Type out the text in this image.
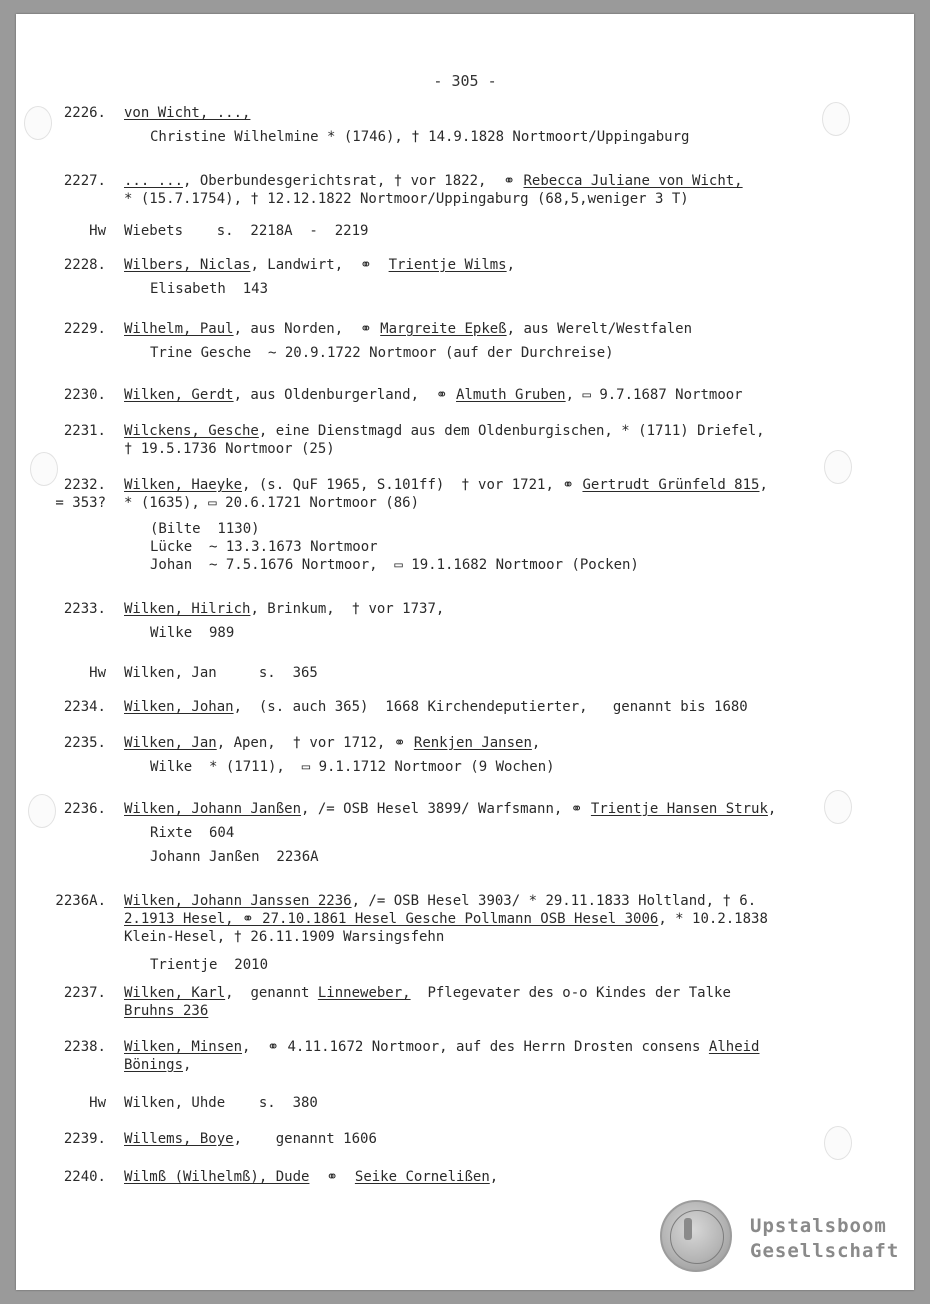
- 305 -
2226. von Wicht, ...,
Christine Wilhelmine * (1746), † 14.9.1828 Nortmoort/Uppingaburg
2227. ... ..., Oberbundesgerichtsrat, † vor 1822,  ⚭ Rebecca Juliane von Wicht,
* (15.7.1754), † 12.12.1822 Nortmoor/Uppingaburg (68,5,weniger 3 T)
Hw Wiebets    s.  2218A  -  2219
2228. Wilbers, Niclas, Landwirt,  ⚭  Trientje Wilms,
Elisabeth  143
2229. Wilhelm, Paul, aus Norden,  ⚭ Margreite Epkeß, aus Werelt/Westfalen
Trine Gesche  ~ 20.9.1722 Nortmoor (auf der Durchreise)
2230. Wilken, Gerdt, aus Oldenburgerland,  ⚭ Almuth Gruben, ▭ 9.7.1687 Nortmoor
2231. Wilckens, Gesche, eine Dienstmagd aus dem Oldenburgischen, * (1711) Driefel,
† 19.5.1736 Nortmoor (25)
2232.
= 353?
Wilken, Haeyke, (s. QuF 1965, S.101ff)  † vor 1721, ⚭ Gertrudt Grünfeld 815,
* (1635), ▭ 20.6.1721 Nortmoor (86)
(Bilte  1130)
Lücke  ~ 13.3.1673 Nortmoor
Johan  ~ 7.5.1676 Nortmoor,  ▭ 19.1.1682 Nortmoor (Pocken)
2233. Wilken, Hilrich, Brinkum,  † vor 1737,
Wilke  989
Hw Wilken, Jan     s.  365
2234. Wilken, Johan,  (s. auch 365)  1668 Kirchendeputierter,   genannt bis 1680
2235. Wilken, Jan, Apen,  † vor 1712, ⚭ Renkjen Jansen,
Wilke  * (1711),  ▭ 9.1.1712 Nortmoor (9 Wochen)
2236. Wilken, Johann Janßen, /= OSB Hesel 3899/ Warfsmann, ⚭ Trientje Hansen Struk,
Rixte  604
Johann Janßen  2236A
2236A. Wilken, Johann Janssen 2236, /= OSB Hesel 3903/ * 29.11.1833 Holtland, † 6.
2.1913 Hesel, ⚭ 27.10.1861 Hesel Gesche Pollmann OSB Hesel 3006, * 10.2.1838
Klein-Hesel, † 26.11.1909 Warsingsfehn
Trientje  2010
2237. Wilken, Karl,  genannt Linneweber,  Pflegevater des o-o Kindes der Talke
Bruhns 236
2238. Wilken, Minsen,  ⚭ 4.11.1672 Nortmoor, auf des Herrn Drosten consens Alheid
Bönings,
Hw Wilken, Uhde    s.  380
2239. Willems, Boye,    genannt 1606
2240. Wilmß (Wilhelmß), Dude  ⚭  Seike Cornelißen,
Upstalsboom
Gesellschaft
